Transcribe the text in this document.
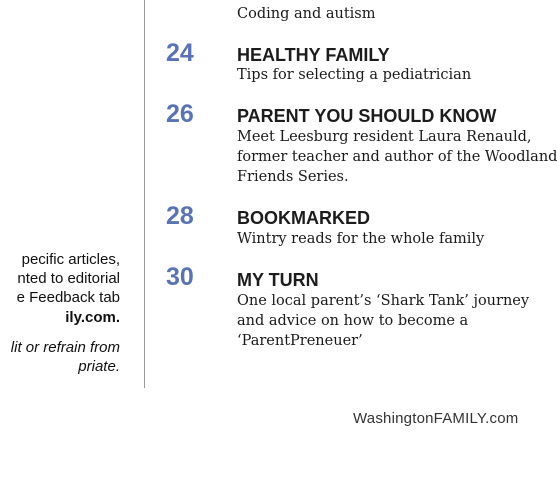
pecific articles,
nted to editorial
e Feedback tab
ily.com.
lit or refrain from
priate.
Coding and autism
24 HEALTHY FAMILY
Tips for selecting a pediatrician
26 PARENT YOU SHOULD KNOW
Meet Leesburg resident Laura Renauld,
former teacher and author of the Woodland
Friends Series.
28 BOOKMARKED
Wintry reads for the whole family
30 MY TURN
One local parent’s ‘Shark Tank’ journey
and advice on how to become a
‘ParentPreneuer’
WashingtonFAMILY.com
